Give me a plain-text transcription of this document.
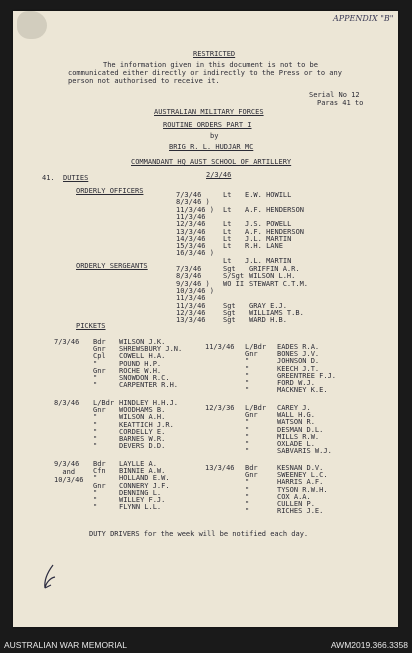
APPENDIX "B"
RESTRICTED
The information given in this document is not to be
communicated either directly or indirectly to the Press or to any
person not authorised to receive it.
Serial No 12
Paras 41 to
AUSTRALIAN MILITARY FORCES
ROUTINE ORDERS PART I
by
BRIG R. L. HUDJAR MC
COMMANDANT HQ AUST SCHOOL OF ARTILLERY
2/3/46
41. DUTIES
ORDERLY OFFICERS	7/3/46	Lt E.W. HOWILL
8/3/46 )
11/3/46 ) Lt A.F. HENDERSON
11/3/46
12/3/46 Lt J.S. POWELL
13/3/46 Lt A.F. HENDERSON
14/3/46 Lt J.L. MARTIN
15/3/46 Lt R.H. LANE
16/3/46 )
Lt J.L. MARTIN
ORDERLY SERGEANTS	7/3/46	Sgt GRIFFIN A.R.
8/3/46	S/Sgt WILSON L.H.
9/3/46 ) WO II STEWART C.T.M.
10/3/46 )
11/3/46
11/3/46 Sgt GRAY E.J.
12/3/46 Sgt WILLIAMS T.B.
13/3/46 Sgt WARD H.B.
PICKETS
7/3/46 Bdr WILSON J.K.
Gnr SHREWSBURY J.N.
Cpl COWELL H.A.
"	POUND H.P.
Gnr ROCHE W.H.
"	SNOWDON R.C.
"	CARPENTER R.H.
8/3/46 L/Bdr HINDLEY H.H.J.
Gnr WOODHAMS B.
"	WILSON A.H.
"	KEATTICH J.R.
"	CORDELLY E.
"	BARNES W.R.
"	DEVERS D.D.
9/3/46
and
10/3/46
Bdr LAYLLE A.
Cfn BINNIE A.W.
"	HOLLAND E.W.
Gnr CONNERY J.F.
"	DENNING L.
"	WILLEY F.J.
"	FLYNN L.L.
11/3/46 L/Bdr EADES R.A.
Gnr	BONES J.V.
"	JOHNSON D.
"	KEECH J.T.
"	GREENTREE F.J.
"	FORD W.J.
"	MACKNEY K.E.
12/3/36 L/Bdr CAREY J.
Gnr	WALL H.G.
"	WATSON R.
"	DESMAN D.L.
"	MILLS R.W.
"	OXLADE L.
"	SABVARIS W.J.
13/3/46 Bdr	KESNAN D.V.
Gnr	SWEENEY L.C.
"	HARRIS A.F.
"	TYSON R.W.H.
"	COX A.A.
"	CULLEN P.
"	RICHES J.E.
DUTY DRIVERS for the week will be notified each day.
AUSTRALIAN WAR MEMORIAL	AWM2019.366.3358
